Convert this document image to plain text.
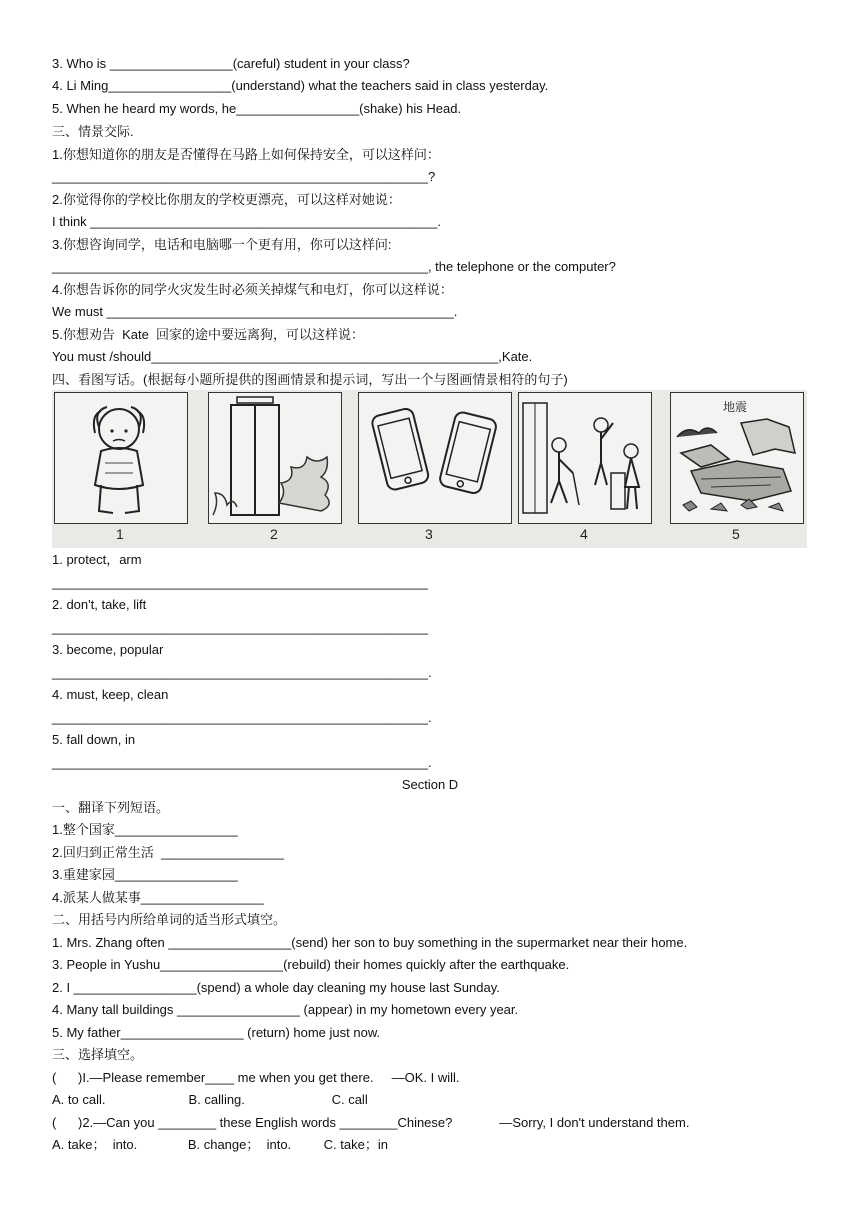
3. Who is _________________(careful) student in your class?
4. Li Ming_________________(understand) what the teachers said in class yesterday.
5. When he heard my words, he_________________(shake) his Head.
三、情景交际.
1.你想知道你的朋友是否懂得在马路上如何保持安全，可以这样问：
____________________________________________________?
2.你觉得你的学校比你朋友的学校更漂亮，可以这样对她说：
I think ________________________________________________.
3.你想咨询同学，电话和电脑哪一个更有用，你可以这样问:
____________________________________________________, the telephone or the computer?
4.你想告诉你的同学火灾发生时必须关掉煤气和电灯，你可以这样说：
We must ________________________________________________.
5.你想劝告  Kate  回家的途中要远离狗，可以这样说：
You must /should________________________________________________,Kate.
四、看图写话。(根据每小题所提供的图画情景和提示词，写出一个与图画情景相符的句子)
地震
1	2	3	4	5
1. protect，arm
____________________________________________________
2. don't, take, lift
____________________________________________________
3. become, popular
____________________________________________________.
4. must, keep, clean
____________________________________________________.
5. fall down, in
____________________________________________________.
Section D
一、翻译下列短语。
1.整个国家_________________
2.回归到正常生活  _________________
3.重建家园_________________
4.派某人做某事_________________
二、用括号内所给单词的适当形式填空。
1. Mrs. Zhang often _________________(send) her son to buy something in the supermarket near their home.
3. People in Yushu_________________(rebuild) their homes quickly after the earthquake.
2. I _________________(spend) a whole day cleaning my house last Sunday.
4. Many tall buildings _________________ (appear) in my hometown every year.
5. My father_________________ (return) home just now.
三、选择填空。
(      )I.—Please remember____ me when you get there.     —OK. I will.
A. to call.                       B. calling.                        C. call
(      )2.—Can you ________ these English words ________Chinese?             —Sorry, I don't understand them.
A. take；  into.              B. change；  into.         C. take；in
